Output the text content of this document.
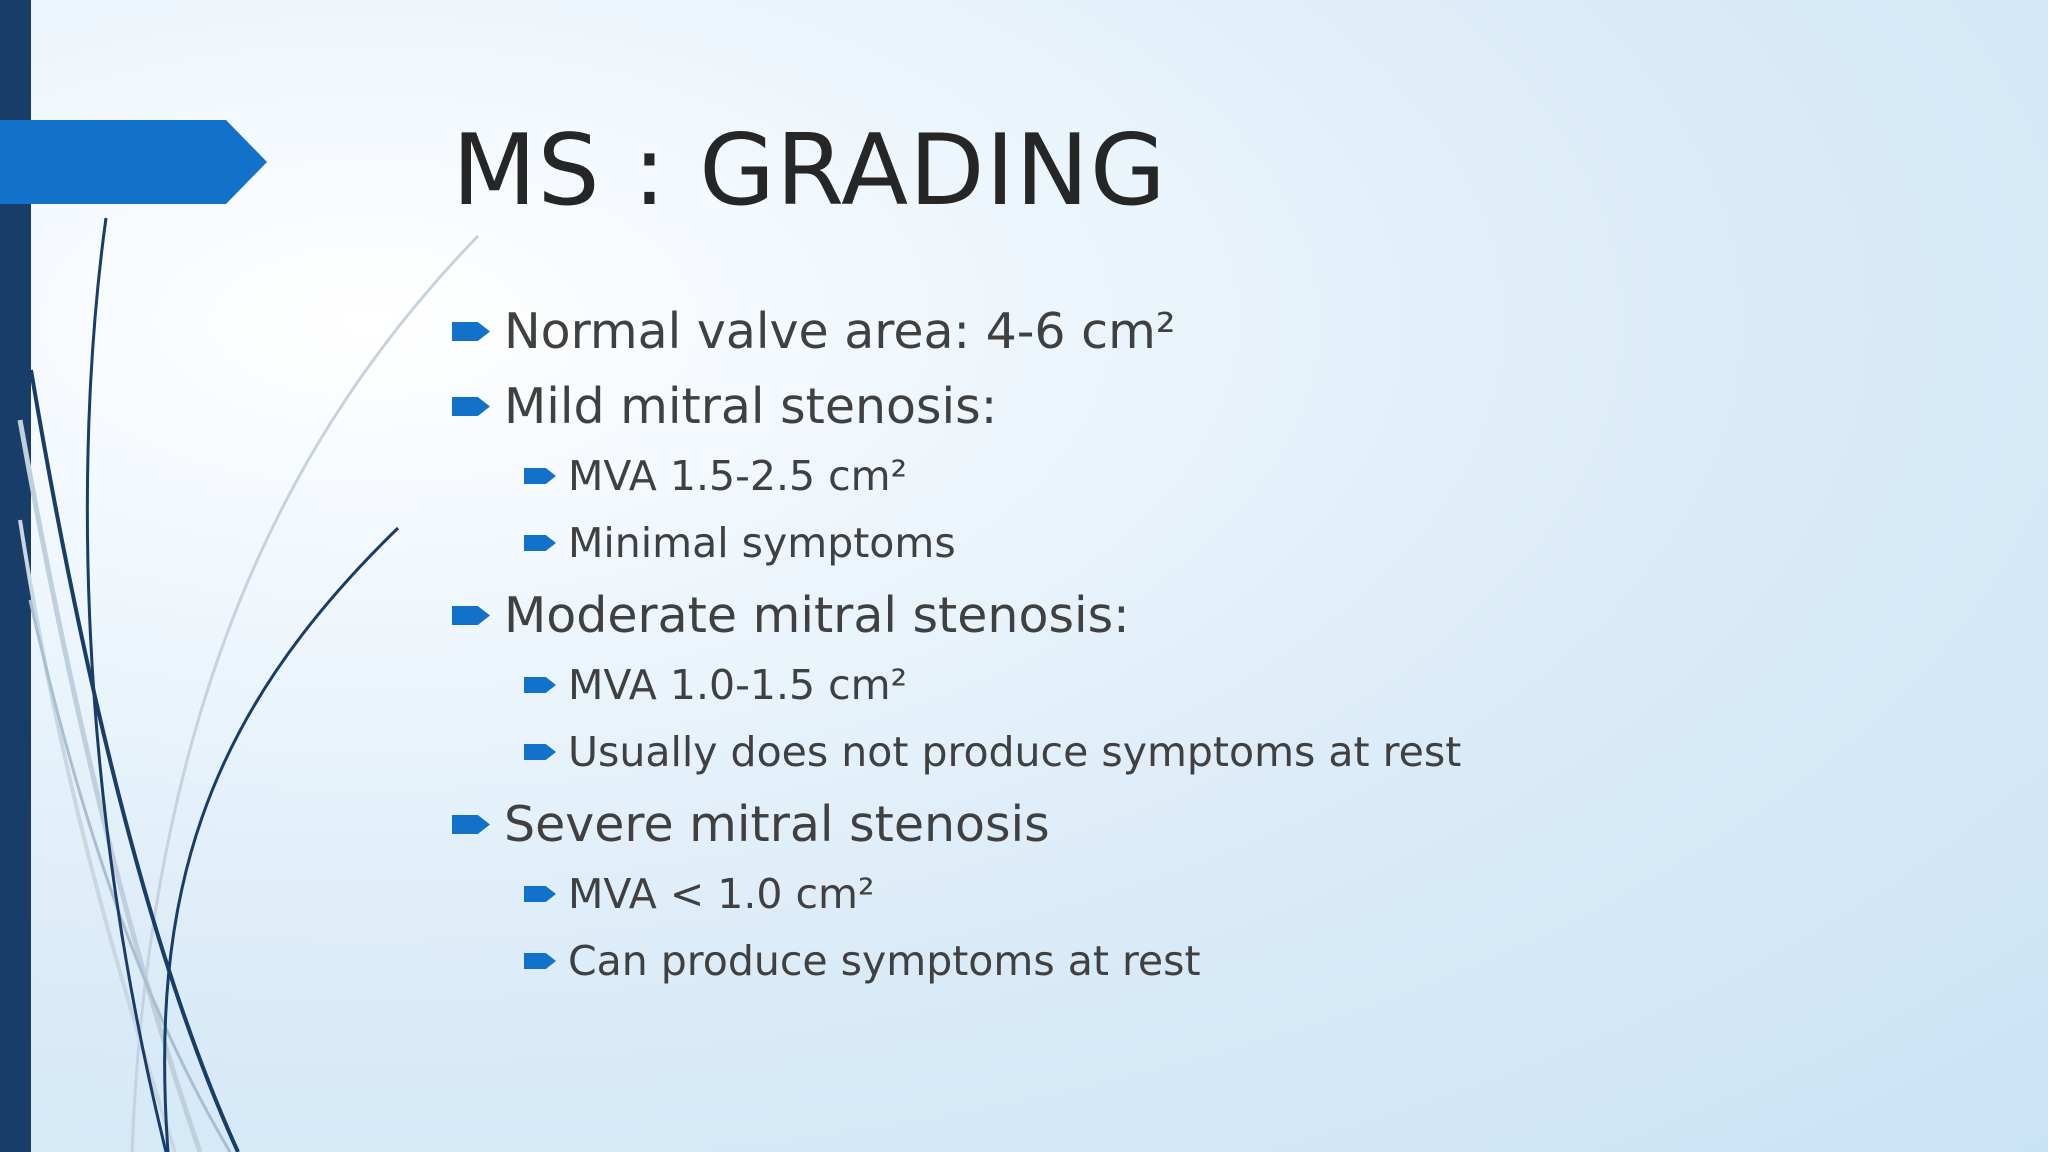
MS : GRADING
Normal valve area: 4-6 cm²
Mild mitral stenosis:
MVA 1.5-2.5 cm²
Minimal symptoms
Moderate mitral stenosis:
MVA 1.0-1.5 cm²
Usually does not produce symptoms at rest
Severe mitral stenosis
MVA < 1.0 cm²
Can produce symptoms at rest
